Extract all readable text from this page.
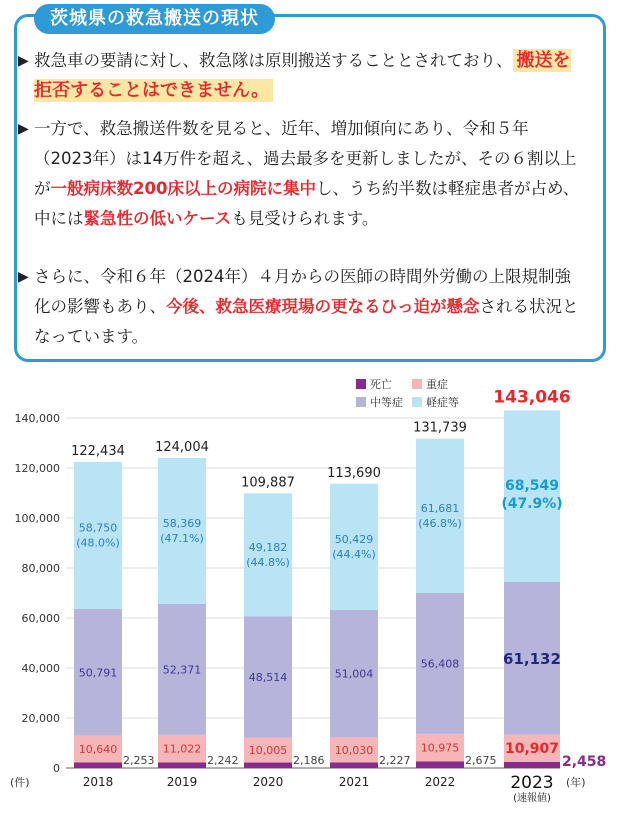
茨城県の救急搬送の現状
▶ 救急車の要請に対し、救急隊は原則搬送することとされており、 搬送を拒否することはできません。
▶ 一方で、救急搬送件数を見ると、近年、増加傾向にあり、令和５年（2023年）は14万件を超え、過去最多を更新しましたが、その６割以上が一般病床数200床以上の病院に集中し、うち約半数は軽症患者が占め、中には緊急性の低いケースも見受けられます。
▶ さらに、令和６年（2024年）４月からの医師の時間外労働の上限規制強化の影響もあり、今後、救急医療現場の更なるひっ迫が懸念される状況となっています。
0
20,000
40,000
60,000
80,000
100,000
120,000
140,000
(件)
10,640
50,791
58,750
(48.0%)
122,434
2,253
2018
11,022
52,371
58,369
(47.1%)
124,004
2,242
2019
10,005
48,514
49,182
(44.8%)
109,887
2,186
2020
10,030
51,004
50,429
(44.4%)
113,690
2,227
2021
10,975
56,408
61,681
(46.8%)
131,739
2,675
2022
10,907
61,132
68,549
(47.9%)
143,046
2,458
2023 (年)
(速報値)
死亡	重症
中等症 軽症等
